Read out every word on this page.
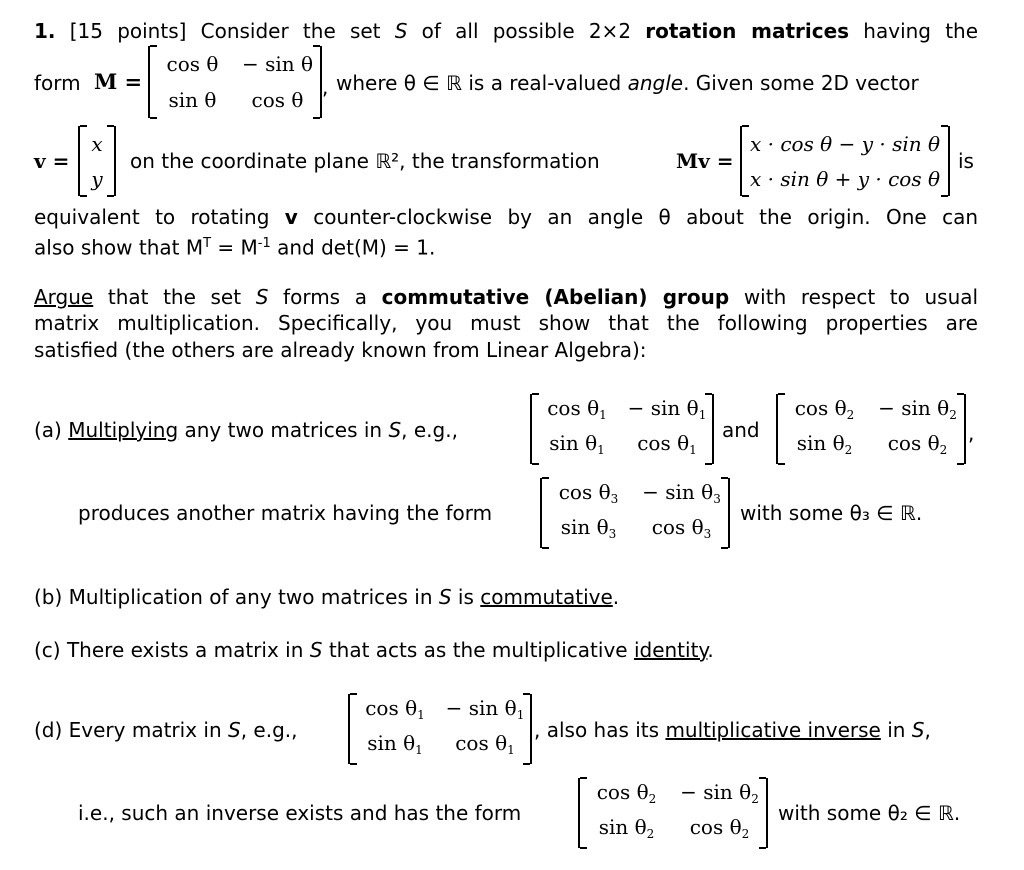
1. [15 points] Consider the set S of all possible 2×2 rotation matrices having the
form M =
cos θ	− sin θ
sin θ	cos θ
, where θ ∈ ℝ is a real-valued angle. Given some 2D vector
v =
x
y
on the coordinate plane ℝ², the transformation	Mv =
x · cos θ − y · sin θ
x · sin θ + y · cos θ
is
equivalent to rotating v counter-clockwise by an angle θ about the origin. One can
also show that $M^T = M^{-1}$ and det(M) = 1.
Argue that the set S forms a commutative (Abelian) group with respect to usual
matrix multiplication. Specifically, you must show that the following properties are
satisfied (the others are already known from Linear Algebra):
(a) Multiplying any two matrices in S, e.g.,
$\cos \theta_1$	− $\sin \theta_1$
$\sin \theta_1$	$\cos \theta_1$
and
$\cos \theta_2$	− $\sin \theta_2$
$\sin \theta_2$	$\cos \theta_2$
,
produces another matrix having the form
$\cos \theta_3$	− $\sin \theta_3$
$\sin \theta_3$	$\cos \theta_3$
with some θ₃ ∈ ℝ.
(b) Multiplication of any two matrices in S is commutative.
(c) There exists a matrix in S that acts as the multiplicative identity.
(d) Every matrix in S, e.g.,
$\cos \theta_1$	− $\sin \theta_1$
$\sin \theta_1$	$\cos \theta_1$
, also has its multiplicative inverse in S,
i.e., such an inverse exists and has the form
$\cos \theta_2$	− $\sin \theta_2$
$\sin \theta_2$	$\cos \theta_2$
with some θ₂ ∈ ℝ.
